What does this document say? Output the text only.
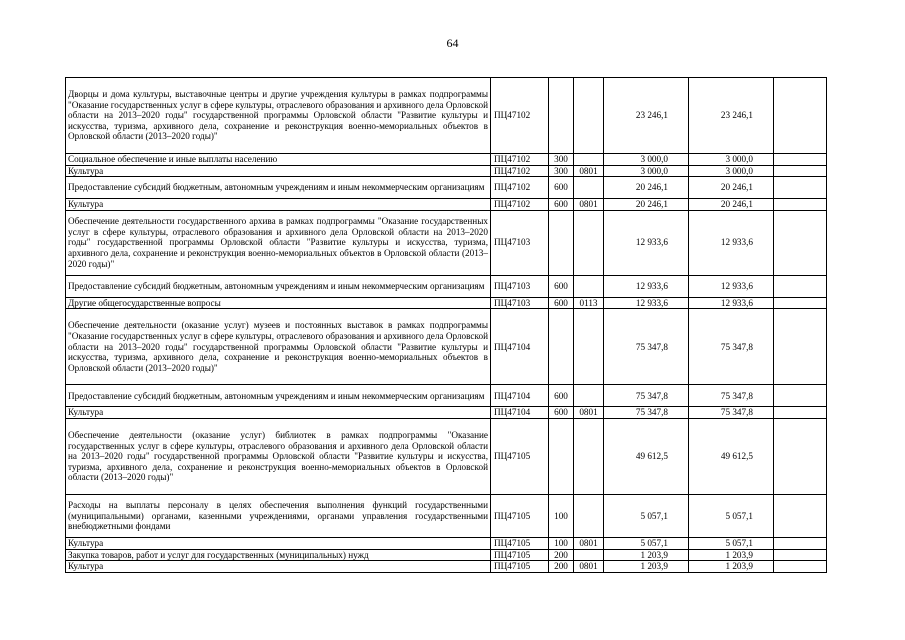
64
Дворцы и дома культуры, выставочные центры и другие учреждения культуры в рамках подпрограммы "Оказание государственных услуг в сфере культуры, отраслевого образования и архивного дела Орловской области на 2013–2020 годы" государственной программы Орловской области "Развитие культуры и искусства, туризма, архивного дела, сохранение и реконструкция военно-мемориальных объектов в Орловской области (2013–2020 годы)"	ПЦ47102			23 246,1	23 246,1	
Социальное обеспечение и иные выплаты населению	ПЦ47102	300		3 000,0	3 000,0	
Культура	ПЦ47102	300	0801	3 000,0	3 000,0	
Предоставление субсидий бюджетным, автономным учреждениям и иным некоммерческим организациям	ПЦ47102	600		20 246,1	20 246,1	
Культура	ПЦ47102	600	0801	20 246,1	20 246,1	
Обеспечение деятельности государственного архива в рамках подпрограммы "Оказание государственных услуг в сфере культуры, отраслевого образования и архивного дела Орловской области на 2013–2020 годы" государственной программы Орловской области "Развитие культуры и искусства, туризма, архивного дела, сохранение и реконструкция военно-мемориальных объектов в Орловской области (2013–2020 годы)"	ПЦ47103			12 933,6	12 933,6	
Предоставление субсидий бюджетным, автономным учреждениям и иным некоммерческим организациям	ПЦ47103	600		12 933,6	12 933,6	
Другие общегосударственные вопросы	ПЦ47103	600	0113	12 933,6	12 933,6	
Обеспечение деятельности (оказание услуг) музеев и постоянных выставок в рамках подпрограммы "Оказание государственных услуг в сфере культуры, отраслевого образования и архивного дела Орловской области на 2013–2020 годы" государственной программы Орловской области "Развитие культуры и искусства, туризма, архивного дела, сохранение и реконструкция военно-мемориальных объектов в Орловской области (2013–2020 годы)"	ПЦ47104			75 347,8	75 347,8	
Предоставление субсидий бюджетным, автономным учреждениям и иным некоммерческим организациям	ПЦ47104	600		75 347,8	75 347,8	
Культура	ПЦ47104	600	0801	75 347,8	75 347,8	
Обеспечение деятельности (оказание услуг) библиотек в рамках подпрограммы "Оказание государственных услуг в сфере культуры, отраслевого образования и архивного дела Орловской области на 2013–2020 годы" государственной программы Орловской области "Развитие культуры и искусства, туризма, архивного дела, сохранение и реконструкция военно-мемориальных объектов в Орловской области (2013–2020 годы)"	ПЦ47105			49 612,5	49 612,5	
Расходы на выплаты персоналу в целях обеспечения выполнения функций государственными (муниципальными) органами, казенными учреждениями, органами управления государственными внебюджетными фондами	ПЦ47105	100		5 057,1	5 057,1	
Культура	ПЦ47105	100	0801	5 057,1	5 057,1	
Закупка товаров, работ и услуг для государственных (муниципальных) нужд	ПЦ47105	200		1 203,9	1 203,9	
Культура	ПЦ47105	200	0801	1 203,9	1 203,9	
